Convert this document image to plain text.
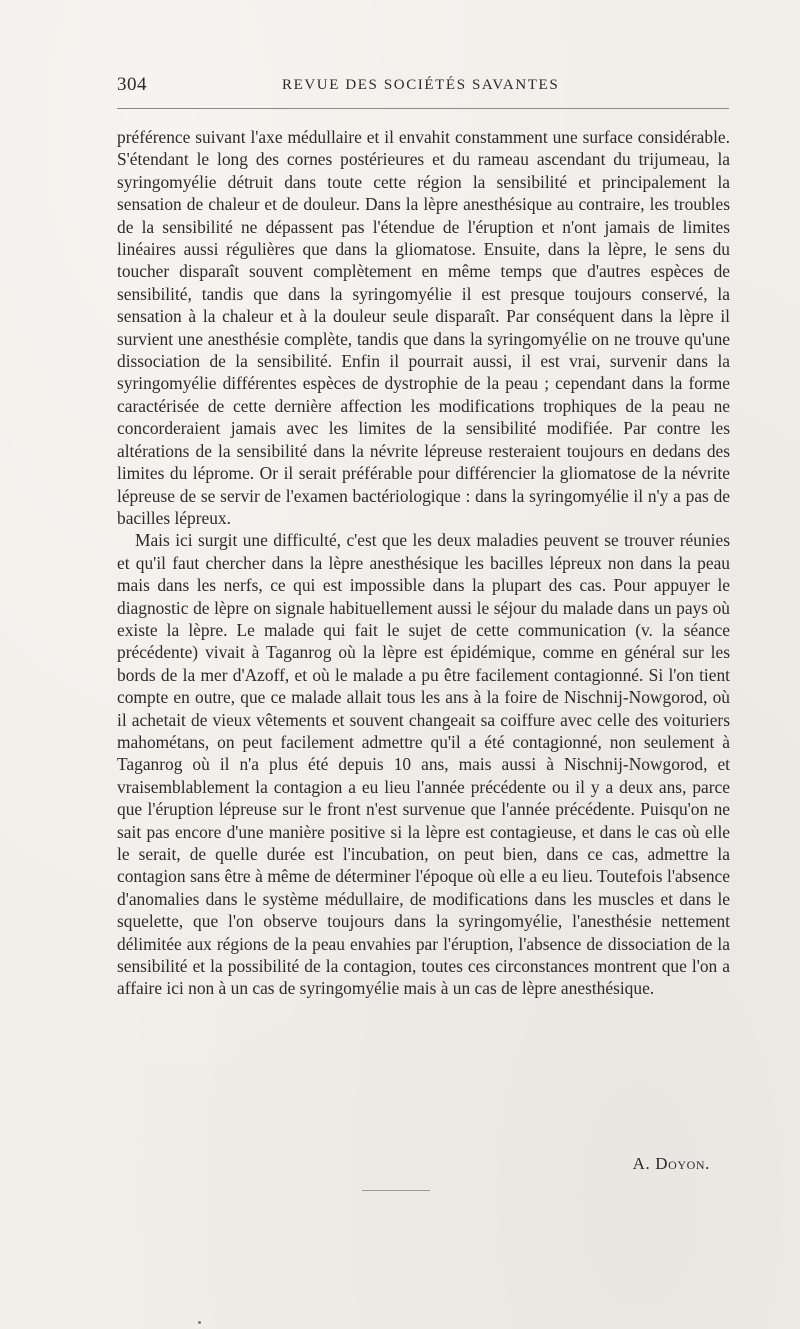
304	REVUE DES SOCIÉTÉS SAVANTES

préférence suivant l'axe médullaire et il envahit constamment une surface considérable. S'étendant le long des cornes postérieures et du rameau ascendant du trijumeau, la syringomyélie détruit dans toute cette région la sensibilité et principalement la sensation de chaleur et de douleur. Dans la lèpre anesthésique au contraire, les troubles de la sensibilité ne dépassent pas l'étendue de l'éruption et n'ont jamais de limites linéaires aussi régulières que dans la gliomatose. Ensuite, dans la lèpre, le sens du toucher disparaît souvent complètement en même temps que d'autres espèces de sensibilité, tandis que dans la syringomyélie il est presque toujours conservé, la sensation à la chaleur et à la douleur seule disparaît. Par conséquent dans la lèpre il survient une anesthésie complète, tandis que dans la syringomyélie on ne trouve qu'une dissociation de la sensibilité. Enfin il pourrait aussi, il est vrai, survenir dans la syringomyélie différentes espèces de dystrophie de la peau ; cependant dans la forme caractérisée de cette dernière affection les modifications trophiques de la peau ne concorderaient jamais avec les limites de la sensibilité modifiée. Par contre les altérations de la sensibilité dans la névrite lépreuse resteraient toujours en dedans des limites du léprome. Or il serait préférable pour différencier la gliomatose de la névrite lépreuse de se servir de l'examen bactériologique : dans la syringomyélie il n'y a pas de bacilles lépreux.

Mais ici surgit une difficulté, c'est que les deux maladies peuvent se trouver réunies et qu'il faut chercher dans la lèpre anesthésique les bacilles lépreux non dans la peau mais dans les nerfs, ce qui est impossible dans la plupart des cas. Pour appuyer le diagnostic de lèpre on signale habituellement aussi le séjour du malade dans un pays où existe la lèpre. Le malade qui fait le sujet de cette communication (v. la séance précédente) vivait à Taganrog où la lèpre est épidémique, comme en général sur les bords de la mer d'Azoff, et où le malade a pu être facilement contagionné. Si l'on tient compte en outre, que ce malade allait tous les ans à la foire de Nischnij-Nowgorod, où il achetait de vieux vêtements et souvent changeait sa coiffure avec celle des voituriers mahométans, on peut facilement admettre qu'il a été contagionné, non seulement à Taganrog où il n'a plus été depuis 10 ans, mais aussi à Nischnij-Nowgorod, et vraisemblablement la contagion a eu lieu l'année précédente ou il y a deux ans, parce que l'éruption lépreuse sur le front n'est survenue que l'année précédente. Puisqu'on ne sait pas encore d'une manière positive si la lèpre est contagieuse, et dans le cas où elle le serait, de quelle durée est l'incubation, on peut bien, dans ce cas, admettre la contagion sans être à même de déterminer l'époque où elle a eu lieu. Toutefois l'absence d'anomalies dans le système médullaire, de modifications dans les muscles et dans le squelette, que l'on observe toujours dans la syringomyélie, l'anesthésie nettement délimitée aux régions de la peau envahies par l'éruption, l'absence de dissociation de la sensibilité et la possibilité de la contagion, toutes ces circonstances montrent que l'on a affaire ici non à un cas de syringomyélie mais à un cas de lèpre anesthésique.

A. Doyon.
